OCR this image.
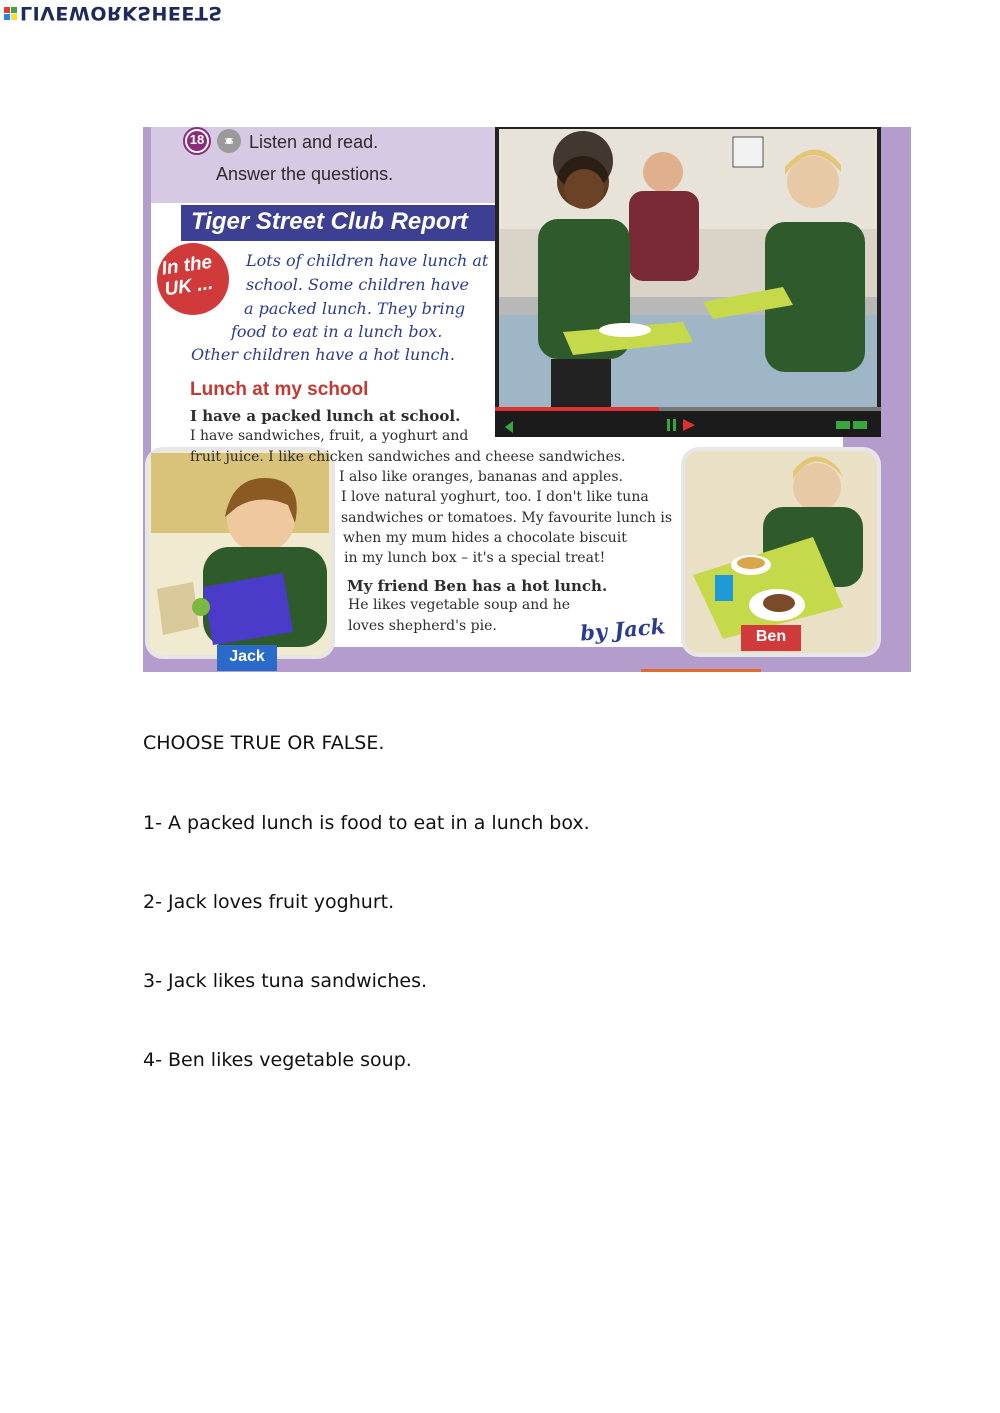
LIVEWORKSHEETS
18	35 Listen and read.
Answer the questions.
Tiger Street Club Report
In the
UK ...
Lots of children have lunch at
school. Some children have
a packed lunch. They bring
food to eat in a lunch box.
Other children have a hot lunch.
Lunch at my school
I have a packed lunch at school.
I have sandwiches, fruit, a yoghurt and
fruit juice. I like chicken sandwiches and cheese sandwiches.
I also like oranges, bananas and apples.
I love natural yoghurt, too. I don't like tuna
sandwiches or tomatoes. My favourite lunch is
when my mum hides a chocolate biscuit
in my lunch box – it's a special treat!
My friend Ben has a hot lunch.
He likes vegetable soup and he
loves shepherd's pie.	by Jack
Jack
Ben
CHOOSE TRUE OR FALSE.
1- A packed lunch is food to eat in a lunch box.
2- Jack loves fruit yoghurt.
3- Jack likes tuna sandwiches.
4- Ben likes vegetable soup.
